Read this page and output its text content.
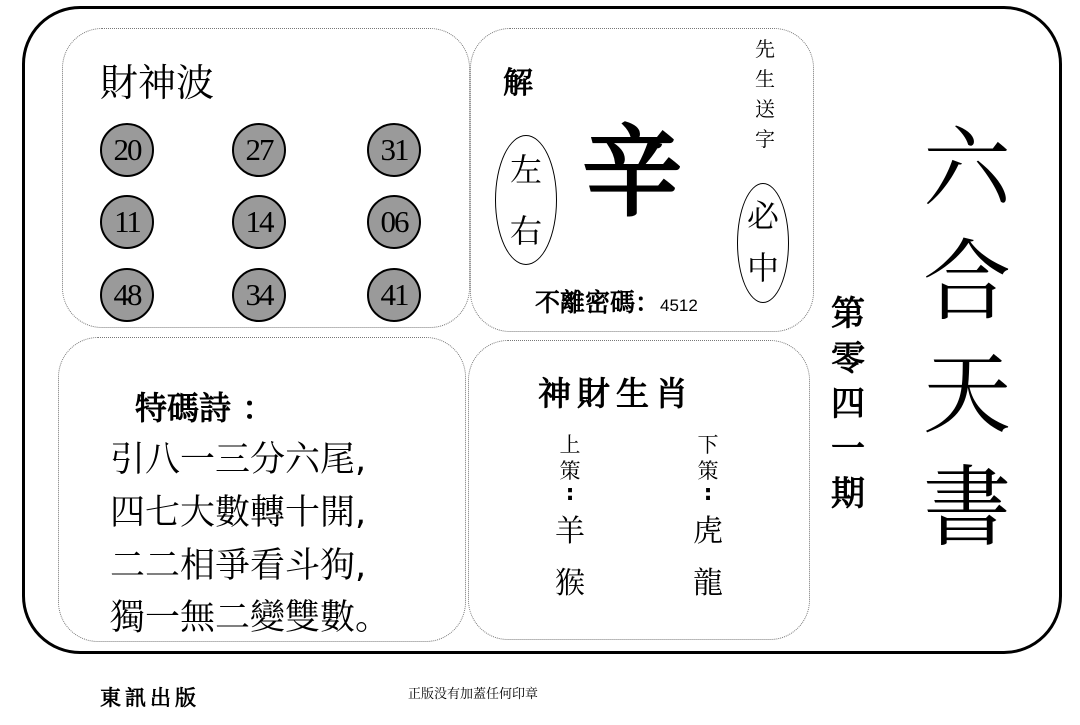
財神波
20	27	31
11	14	06
48	34	41
解
左
右 辛
先
生
送
字
必
中
不離密碼：4512	第
零
四
一
期
六
合
天
書
特碼詩 ：
引八一三分六尾,
四七大數轉十開,
二二相爭看斗狗,
獨一無二變雙數。
神財生肖
上
策
:
羊
猴
下
策
:
虎
龍
東訊出版	正版没有加蓋任何印章
